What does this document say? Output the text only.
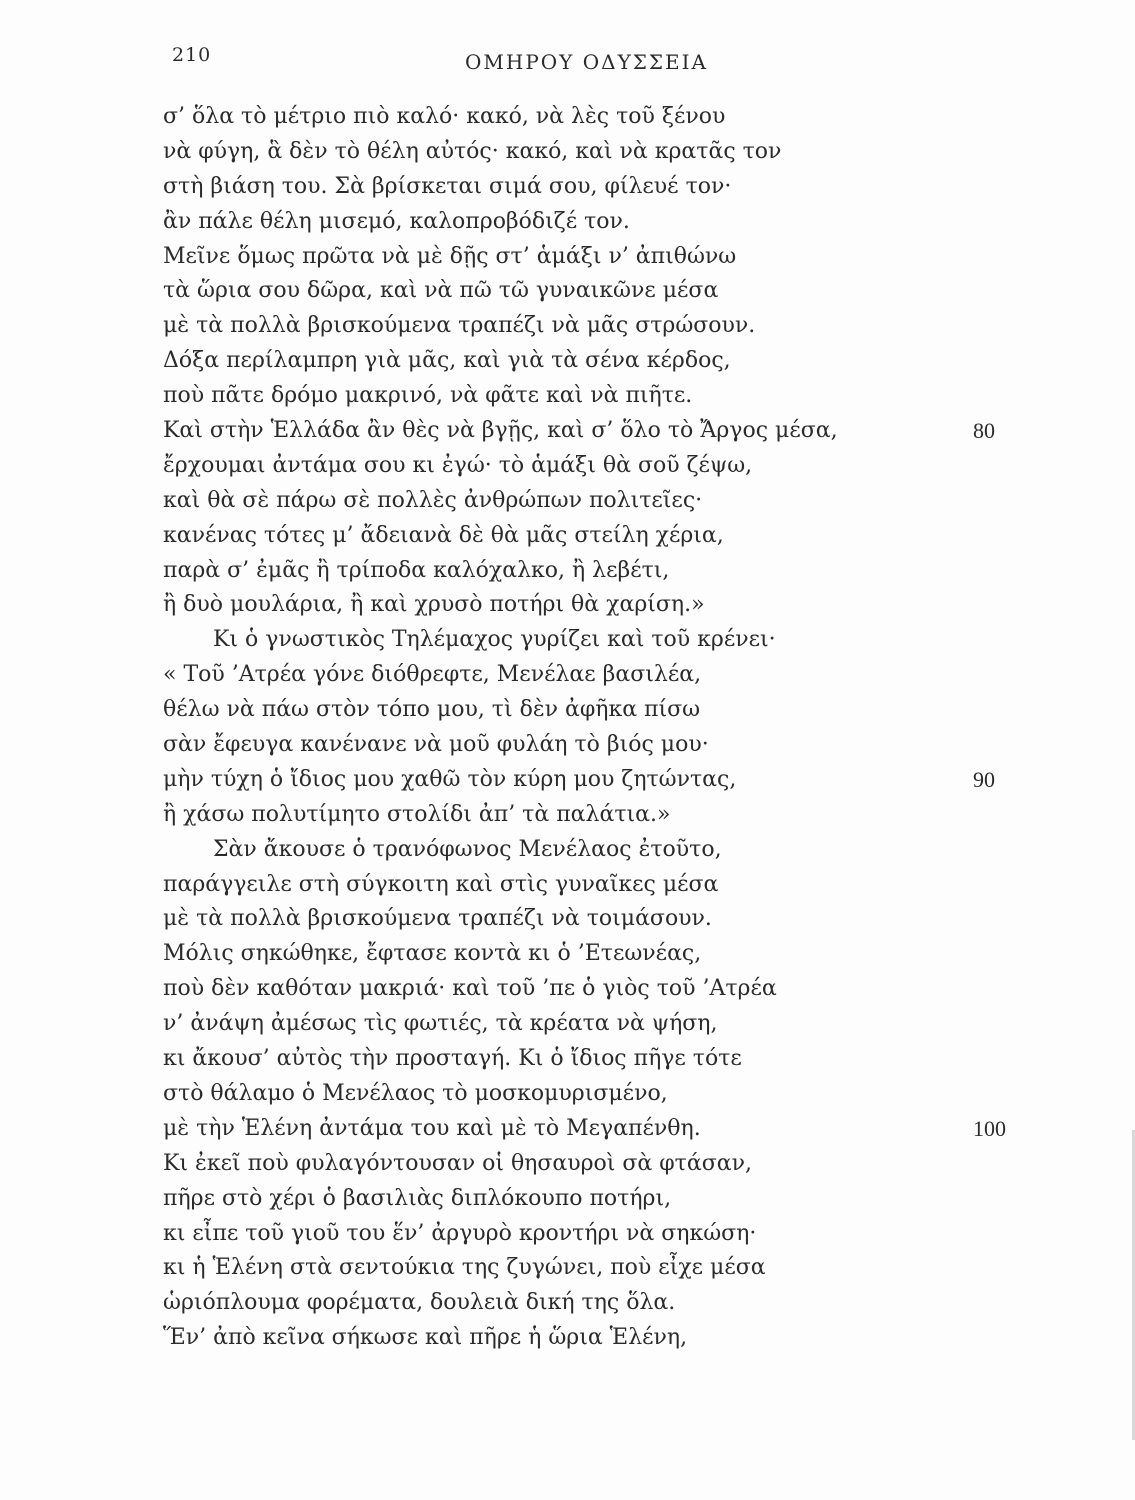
210	ΟΜΗΡΟΥ ΟΔΥΣΣΕΙΑ
σ’ ὅλα τὸ μέτριο πιὸ καλό· κακό, νὰ λὲς τοῦ ξένου
νὰ φύγη, ἃ δὲν τὸ θέλη αὐτός· κακό, καὶ νὰ κρατᾶς τον
στὴ βιάση του. Σὰ βρίσκεται σιμά σου, φίλευέ τον·
ἂν πάλε θέλη μισεμό, καλοπροβόδιζέ τον.
Μεῖνε ὅμως πρῶτα νὰ μὲ δῇς στ’ ἁμάξι ν’ ἀπιθώνω
τὰ ὥρια σου δῶρα, καὶ νὰ πῶ τῶ γυναικῶνε μέσα
μὲ τὰ πολλὰ βρισκούμενα τραπέζι νὰ μᾶς στρώσουν.
Δόξα περίλαμπρη γιὰ μᾶς, καὶ γιὰ τὰ σένα κέρδος,
ποὺ πᾶτε δρόμο μακρινό, νὰ φᾶτε καὶ νὰ πιῆτε.
Καὶ στὴν Ἑλλάδα ἂν θὲς νὰ βγῇς, καὶ σ’ ὅλο τὸ Ἄργος μέσα,	80
ἔρχουμαι ἀντάμα σου κι ἐγώ· τὸ ἁμάξι θὰ σοῦ ζέψω,
καὶ θὰ σὲ πάρω σὲ πολλὲς ἀνθρώπων πολιτεῖες·
κανένας τότες μ’ ἄδειανὰ δὲ θὰ μᾶς στείλη χέρια,
παρὰ σ’ ἐμᾶς ἢ τρίποδα καλόχαλκο, ἢ λεβέτι,
ἢ δυὸ μουλάρια, ἢ καὶ χρυσὸ ποτήρι θὰ χαρίση.»
Κι ὁ γνωστικὸς Τηλέμαχος γυρίζει καὶ τοῦ κρένει·
« Τοῦ ’Ατρέα γόνε διόθρεφτε, Μενέλαε βασιλέα,
θέλω νὰ πάω στὸν τόπο μου, τὶ δὲν ἀφῆκα πίσω
σὰν ἔφευγα κανένανε νὰ μοῦ φυλάη τὸ βιός μου·
μὴν τύχη ὁ ἴδιος μου χαθῶ τὸν κύρη μου ζητώντας,	90
ἢ χάσω πολυτίμητο στολίδι ἀπ’ τὰ παλάτια.»
Σὰν ἄκουσε ὁ τρανόφωνος Μενέλαος ἐτοῦτο,
παράγγειλε στὴ σύγκοιτη καὶ στὶς γυναῖκες μέσα
μὲ τὰ πολλὰ βρισκούμενα τραπέζι νὰ τοιμάσουν.
Μόλις σηκώθηκε, ἔφτασε κοντὰ κι ὁ ’Ετεωνέας,
ποὺ δὲν καθόταν μακριά· καὶ τοῦ ’πε ὁ γιὸς τοῦ ’Ατρέα
ν’ ἀνάψη ἀμέσως τὶς φωτιές, τὰ κρέατα νὰ ψήση,
κι ἄκουσ’ αὐτὸς τὴν προσταγή. Κι ὁ ἴδιος πῆγε τότε
στὸ θάλαμο ὁ Μενέλαος τὸ μοσκομυρισμένο,
μὲ τὴν Ἑλένη ἀντάμα του καὶ μὲ τὸ Μεγαπένθη.	100
Κι ἐκεῖ ποὺ φυλαγόντουσαν οἱ θησαυροὶ σὰ φτάσαν,
πῆρε στὸ χέρι ὁ βασιλιὰς διπλόκουπο ποτήρι,
κι εἶπε τοῦ γιοῦ του ἕν’ ἀργυρὸ κροντήρι νὰ σηκώση·
κι ἡ Ἑλένη στὰ σεντούκια της ζυγώνει, ποὺ εἶχε μέσα
ὡριόπλουμα φορέματα, δουλειὰ δική της ὅλα.
Ἕν’ ἀπὸ κεῖνα σήκωσε καὶ πῆρε ἡ ὥρια Ἑλένη,
